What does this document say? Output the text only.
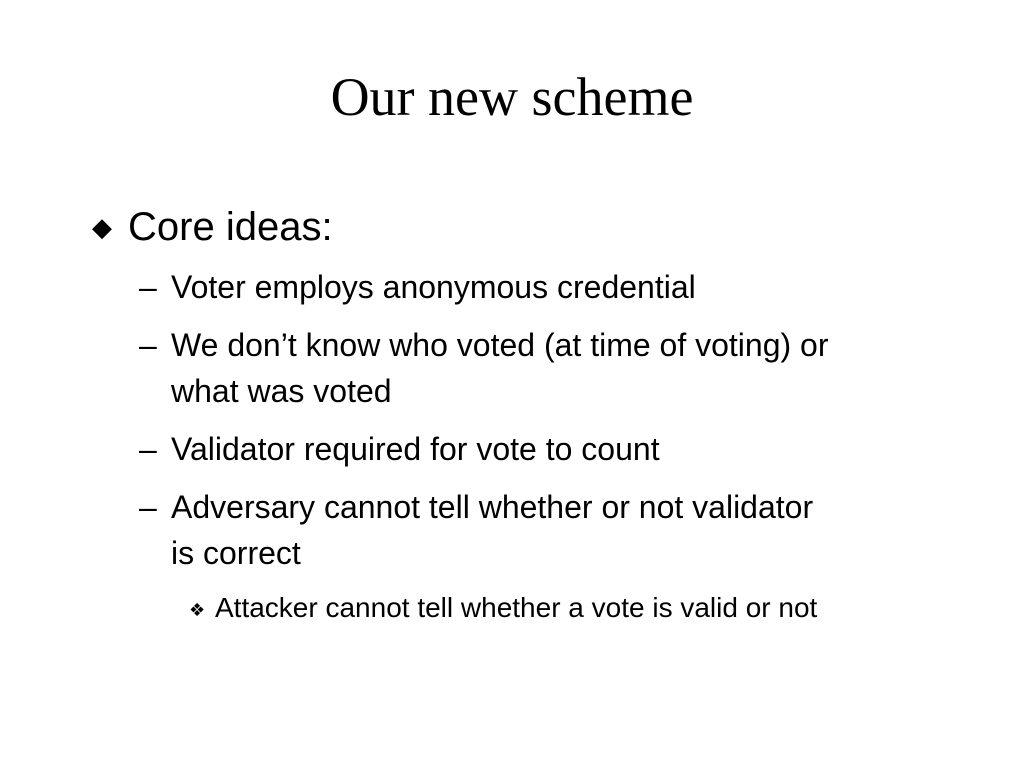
Our new scheme
◆ Core ideas:
– Voter employs anonymous credential
– We don’t know who voted (at time of voting) or what was voted
– Validator required for vote to count
– Adversary cannot tell whether or not validator is correct
❖ Attacker cannot tell whether a vote is valid or not
